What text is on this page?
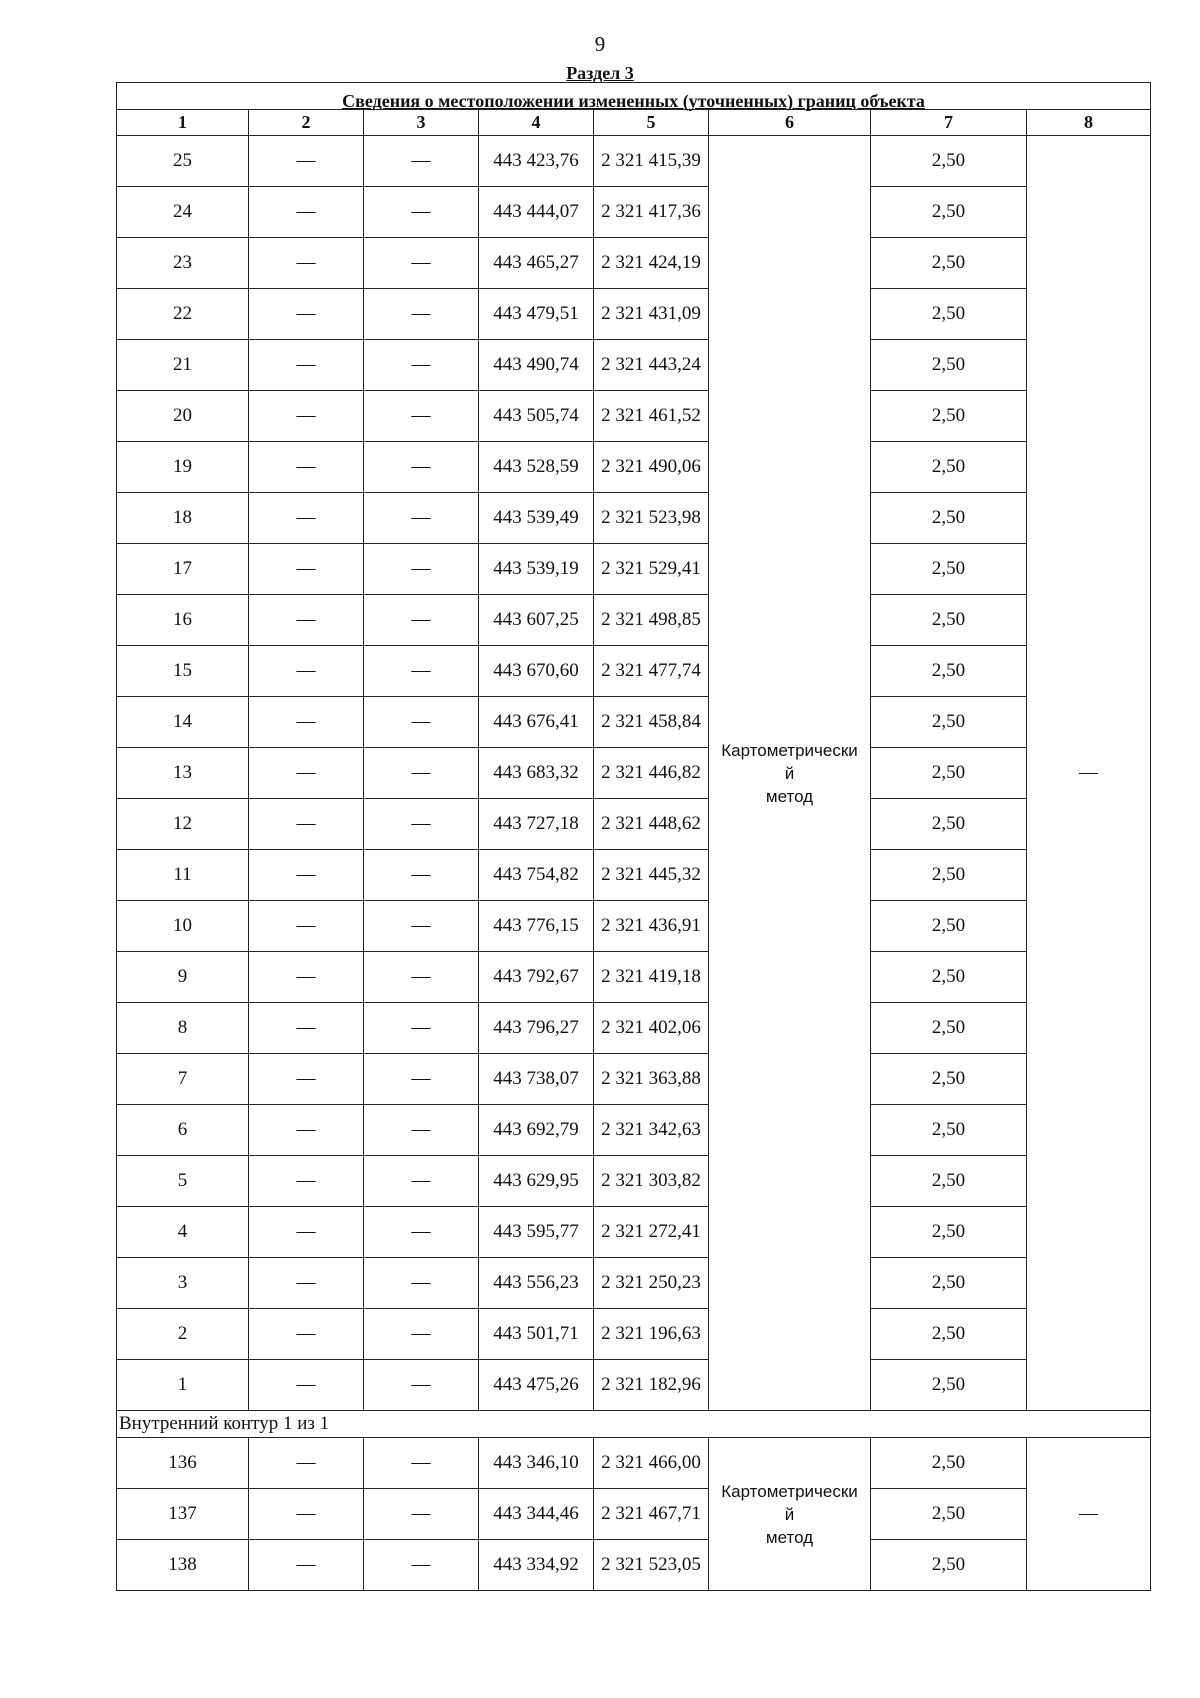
9
Раздел 3
Сведения о местоположении измененных (уточненных) границ объекта							
1	2	3	4	5	6	7	8
25	—	—	443 423,76	2 321 415,39	Картометрически
й
метод	2,50	—
24	—	—	443 444,07	2 321 417,36		2,50	
23	—	—	443 465,27	2 321 424,19		2,50	
22	—	—	443 479,51	2 321 431,09		2,50	
21	—	—	443 490,74	2 321 443,24		2,50	
20	—	—	443 505,74	2 321 461,52		2,50	
19	—	—	443 528,59	2 321 490,06		2,50	
18	—	—	443 539,49	2 321 523,98		2,50	
17	—	—	443 539,19	2 321 529,41		2,50	
16	—	—	443 607,25	2 321 498,85		2,50	
15	—	—	443 670,60	2 321 477,74		2,50	
14	—	—	443 676,41	2 321 458,84		2,50	
13	—	—	443 683,32	2 321 446,82		2,50	
12	—	—	443 727,18	2 321 448,62		2,50	
11	—	—	443 754,82	2 321 445,32		2,50	
10	—	—	443 776,15	2 321 436,91		2,50	
9	—	—	443 792,67	2 321 419,18		2,50	
8	—	—	443 796,27	2 321 402,06		2,50	
7	—	—	443 738,07	2 321 363,88		2,50	
6	—	—	443 692,79	2 321 342,63		2,50	
5	—	—	443 629,95	2 321 303,82		2,50	
4	—	—	443 595,77	2 321 272,41		2,50	
3	—	—	443 556,23	2 321 250,23		2,50	
2	—	—	443 501,71	2 321 196,63		2,50	
1	—	—	443 475,26	2 321 182,96		2,50	
Внутренний контур 1 из 1							
136	—	—	443 346,10	2 321 466,00	Картометрически
й
метод	2,50	—
137	—	—	443 344,46	2 321 467,71		2,50	
138	—	—	443 334,92	2 321 523,05		2,50	
